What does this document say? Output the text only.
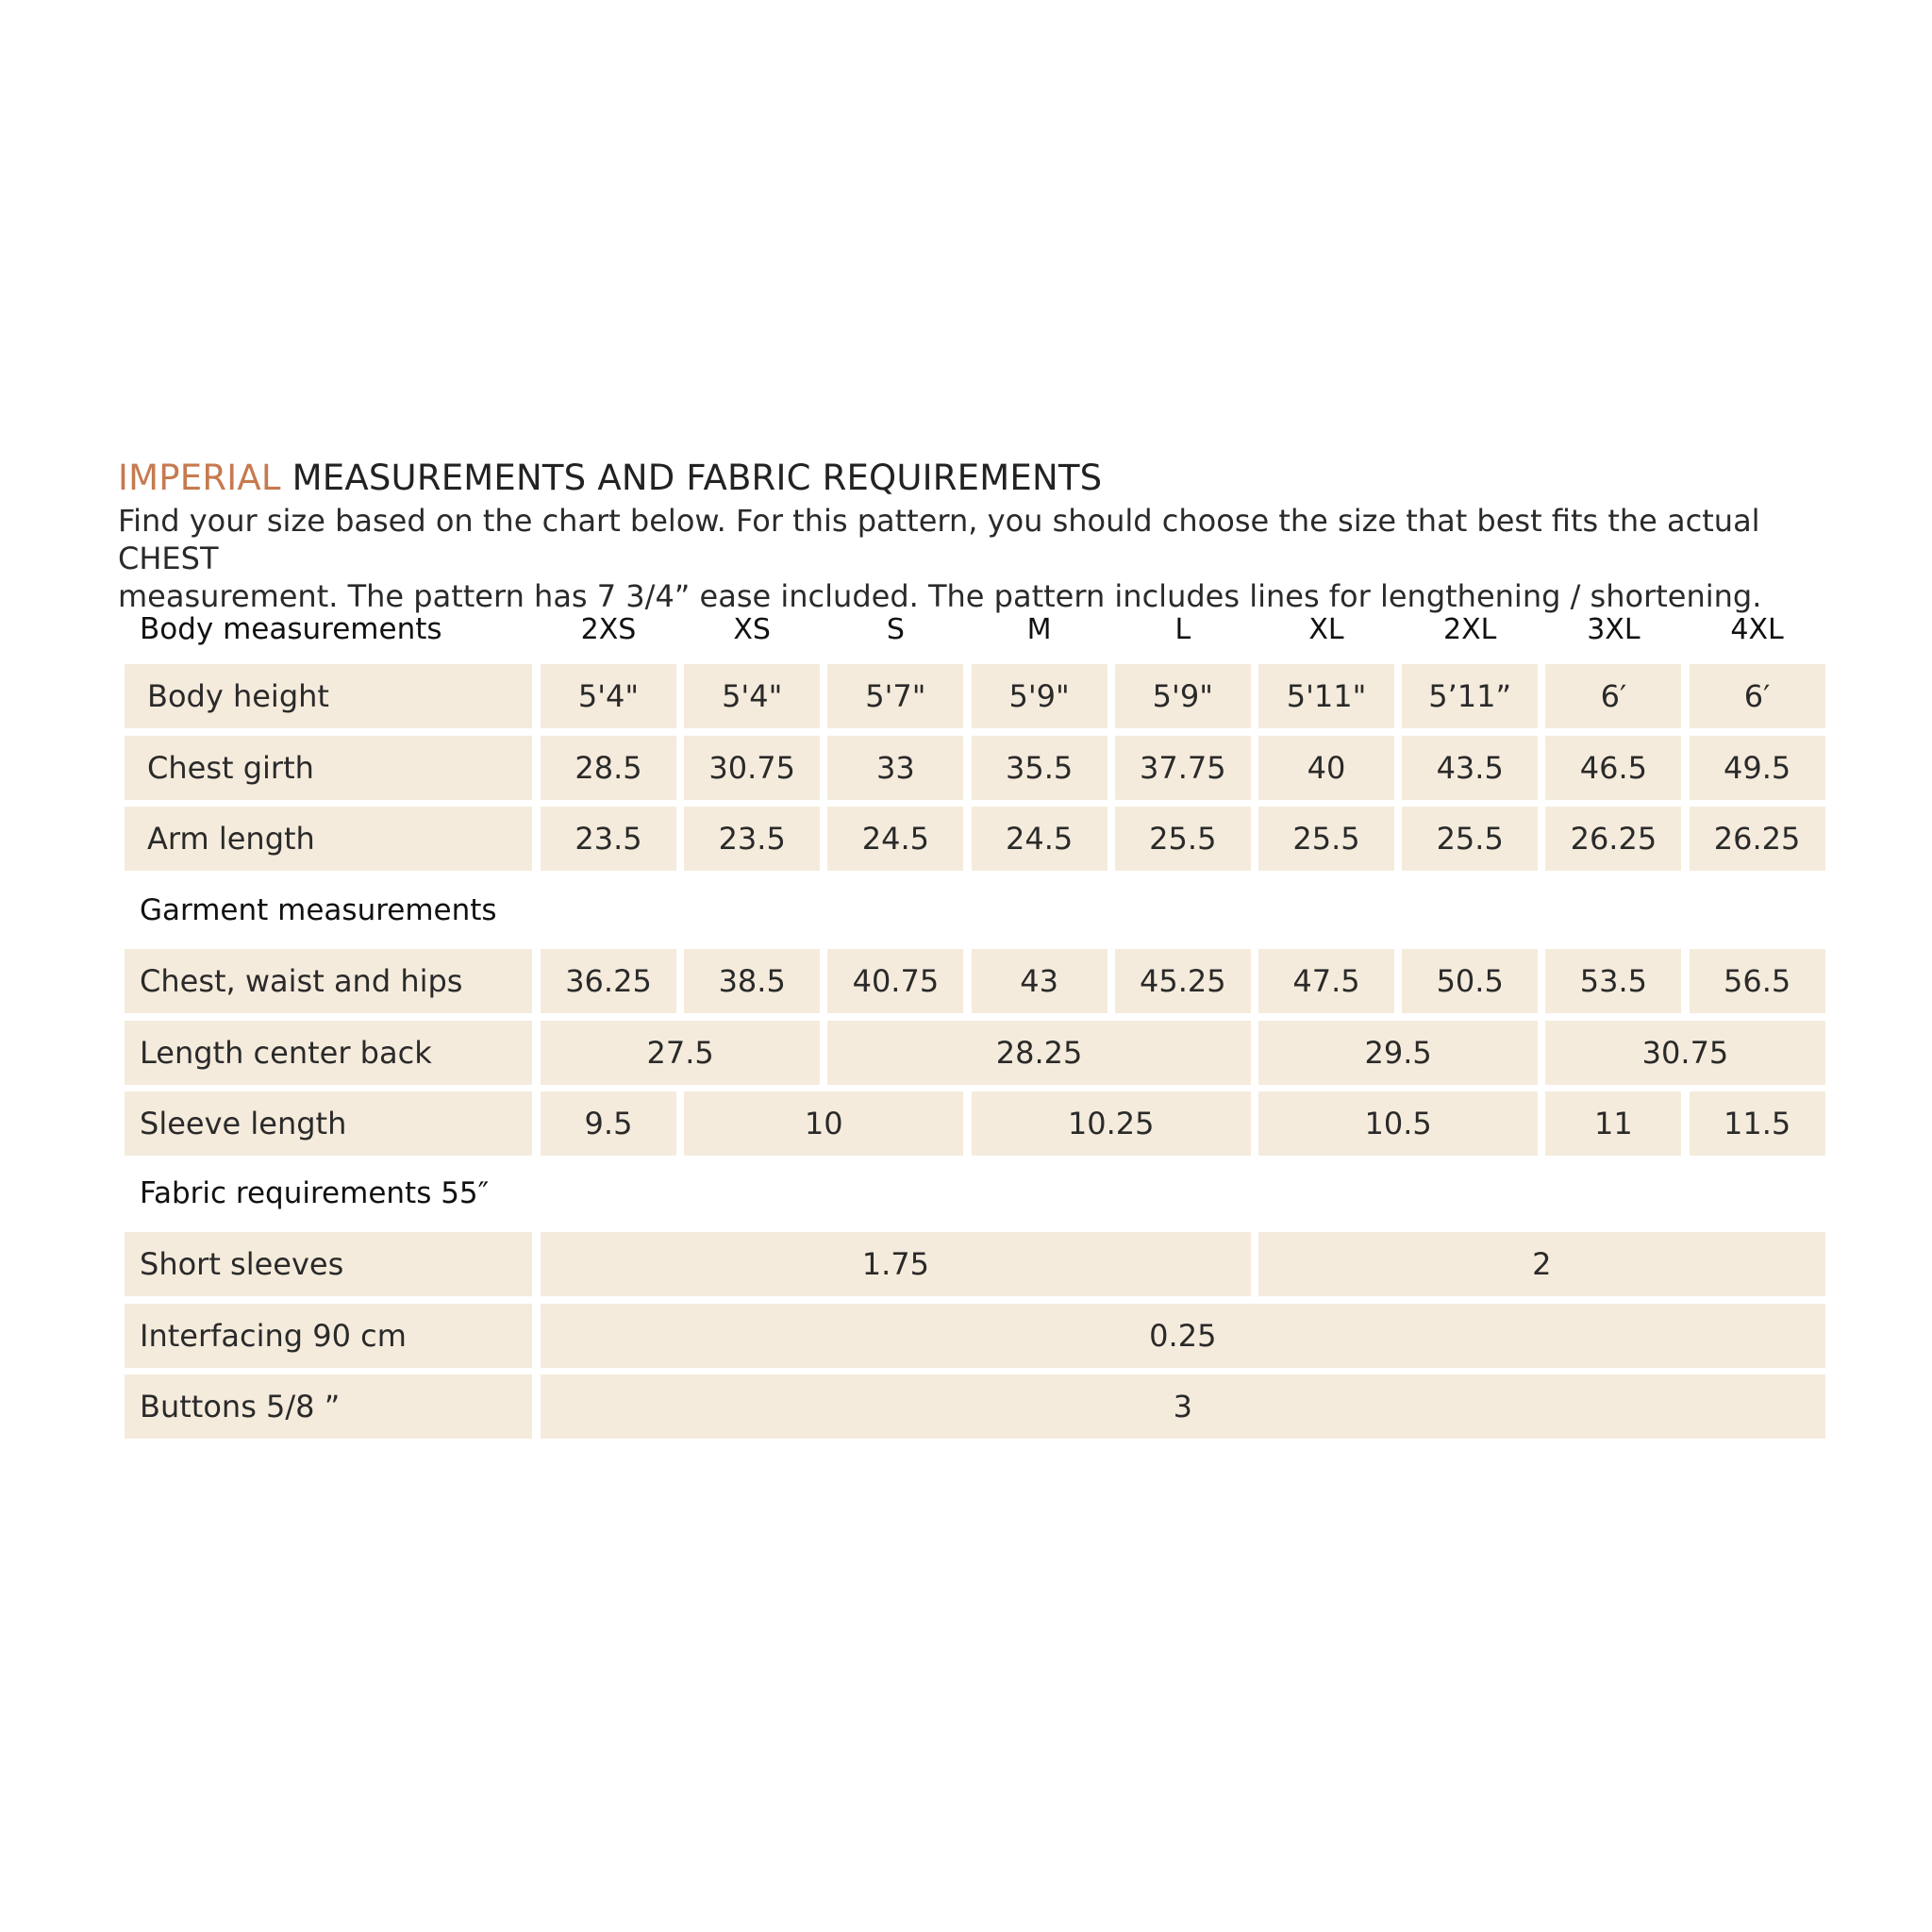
IMPERIAL MEASUREMENTS AND FABRIC REQUIREMENTS
Find your size based on the chart below. For this pattern, you should choose the size that best fits the actual CHEST
measurement. The pattern has 7 3/4” ease included. The pattern includes lines for lengthening / shortening.
Body measurements	2XS	XS	S	M	L	XL	2XL	3XL	4XL
Body height	5'4"	5'4"	5'7"	5'9"	5'9"	5'11"	5’11”	6′	6′
Chest girth	28.5	30.75	33	35.5	37.75	40	43.5	46.5	49.5
Arm length	23.5	23.5	24.5	24.5	25.5	25.5	25.5	26.25	26.25
Garment measurements
Chest, waist and hips	36.25	38.5	40.75	43	45.25	47.5	50.5	53.5	56.5
Length center back	27.5	28.25	29.5	30.75
Sleeve length	9.5	10	10.25	10.5	11	11.5
Fabric requirements 55″
Short sleeves	1.75	2
Interfacing 90 cm	0.25
Buttons 5/8 ”	3
